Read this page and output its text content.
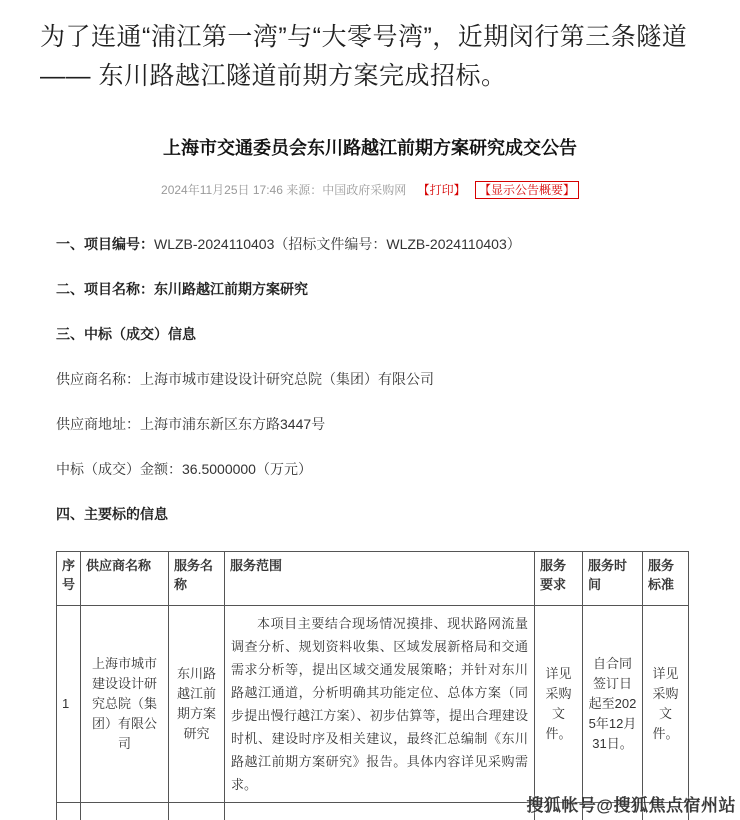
为了连通“浦江第一湾”与“大零号湾”，近期闵行第三条隧道 —— 东川路越江隧道前期方案完成招标。

上海市交通委员会东川路越江前期方案研究成交公告
2024年11月25日 17:46 来源：中国政府采购网 【打印】 【显示公告概要】

一、项目编号：WLZB-2024110403（招标文件编号：WLZB-2024110403）

二、项目名称：东川路越江前期方案研究

三、中标（成交）信息

供应商名称：上海市城市建设设计研究总院（集团）有限公司

供应商地址：上海市浦东新区东方路3447号

中标（成交）金额：36.5000000（万元）

四、主要标的信息

序号	供应商名称	服务名称	服务范围	服务要求	服务时间	服务标准
1	上海市城市建设设计研究总院（集团）有限公司	东川路越江前期方案研究	本项目主要结合现场情况摸排、现状路网流量调查分析、规划资料收集、区域发展新格局和交通需求分析等，提出区域交通发展策略；并针对东川路越江通道，分析明确其功能定位、总体方案（同步提出慢行越江方案）、初步估算等，提出合理建设时机、建设时序及相关建议，最终汇总编制《东川路越江前期方案研究》报告。具体内容详见采购需求。	详见采购文件。	自合同签订日起至2025年12月31日。	详见采购文件。

搜狐帐号@搜狐焦点宿州站
